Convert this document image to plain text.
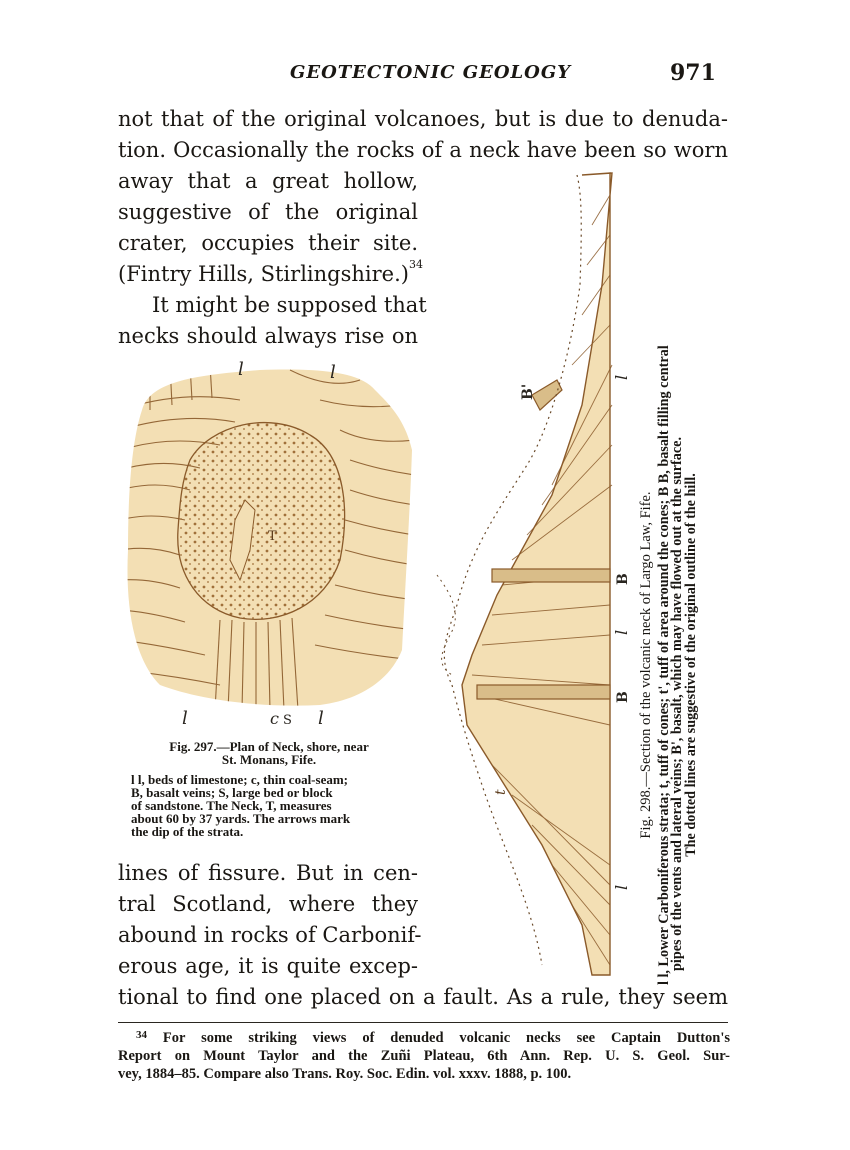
GEOTECTONIC GEOLOGY	971
not that of the original volcanoes, but is due to denuda-
tion. Occasionally the rocks of a neck have been so worn
away that a great hollow,
suggestive of the original
crater, occupies their site.
(Fintry Hills, Stirlingshire.)$^{34}$
It might be supposed that
necks should always rise on
l	l
T
l	c S l
Fig. 297.—Plan of Neck, shore, near
St. Monans, Fife.
l l, beds of limestone; c, thin coal-seam;
B, basalt veins; S, large bed or block
of sandstone. The Neck, T, measures
about 60 by 37 yards. The arrows mark
the dip of the strata.
lines of fissure. But in cen-
tral Scotland, where they
abound in rocks of Carbonif-
erous age, it is quite excep-
tional to find one placed on a fault. As a rule, they seem
B'
l
B
l
B
t
l
Fig. 298.—Section of the volcanic neck of Largo Law, Fife. l l, Lower Carboniferous strata; t, tuff of cones; t', tuff of area around the cones; B B, basalt filling central
pipes of the vents and lateral veins; B', basalt, which may have flowed out at the surface.
The dotted lines are suggestive of the original outline of the hill.
$^{34}$ For some striking views of denuded volcanic necks see Captain Dutton's
Report on Mount Taylor and the Zuñi Plateau, 6th Ann. Rep. U. S. Geol. Sur-
vey, 1884–85. Compare also Trans. Roy. Soc. Edin. vol. xxxv. 1888, p. 100.
